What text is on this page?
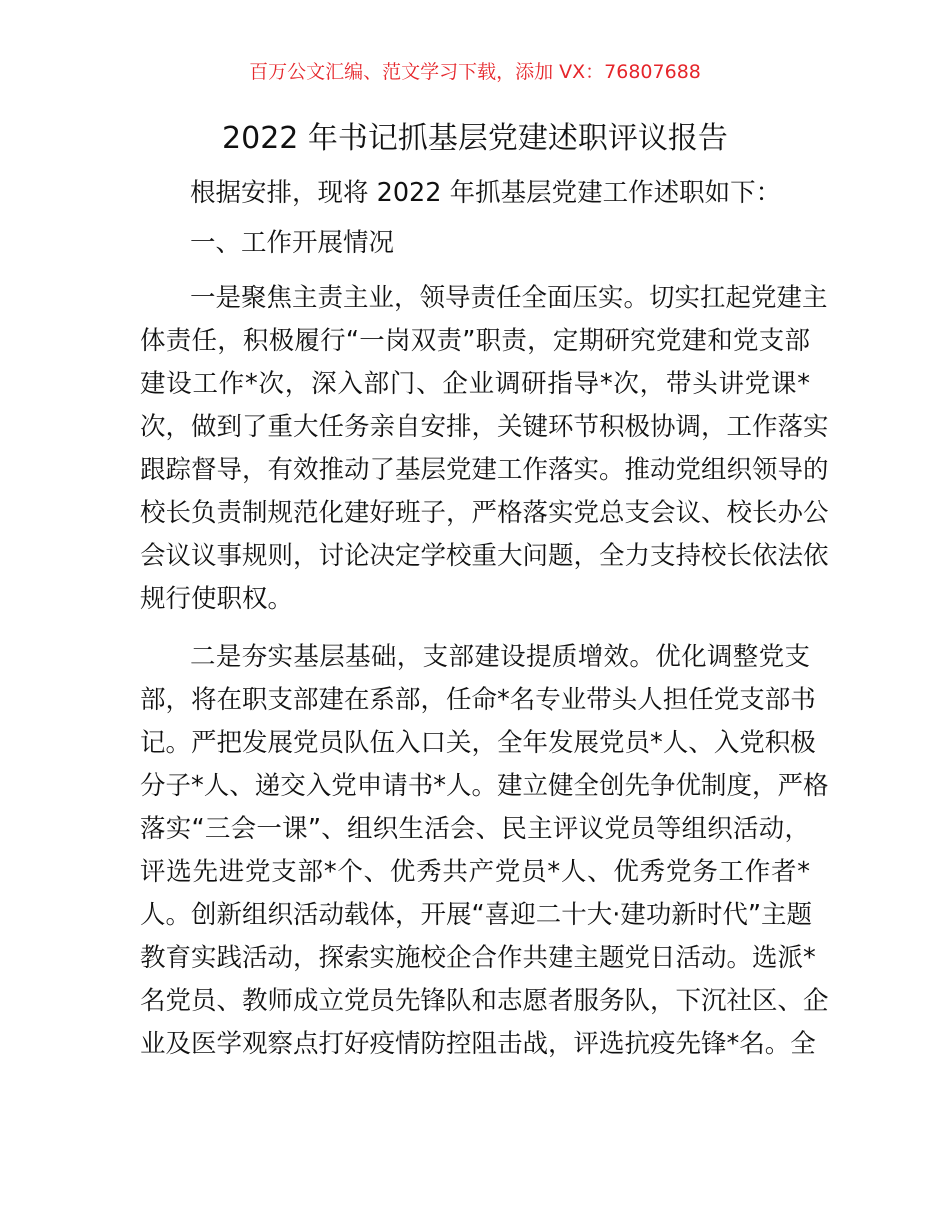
百万公文汇编、范文学习下载，添加 VX：76807688
2022 年书记抓基层党建述职评议报告
根据安排，现将 2022 年抓基层党建工作述职如下：
一、工作开展情况
一是聚焦主责主业，领导责任全面压实。切实扛起党建主
体责任，积极履行“一岗双责”职责，定期研究党建和党支部
建设工作*次，深入部门、企业调研指导*次，带头讲党课*
次，做到了重大任务亲自安排，关键环节积极协调，工作落实
跟踪督导，有效推动了基层党建工作落实。推动党组织领导的
校长负责制规范化建好班子，严格落实党总支会议、校长办公
会议议事规则，讨论决定学校重大问题，全力支持校长依法依
规行使职权。
二是夯实基层基础，支部建设提质增效。优化调整党支
部，将在职支部建在系部，任命*名专业带头人担任党支部书
记。严把发展党员队伍入口关，全年发展党员*人、入党积极
分子*人、递交入党申请书*人。建立健全创先争优制度，严格
落实“三会一课”、组织生活会、民主评议党员等组织活动，
评选先进党支部*个、优秀共产党员*人、优秀党务工作者*
人。创新组织活动载体，开展“喜迎二十大·建功新时代”主题
教育实践活动，探索实施校企合作共建主题党日活动。选派*
名党员、教师成立党员先锋队和志愿者服务队，下沉社区、企
业及医学观察点打好疫情防控阻击战，评选抗疫先锋*名。全
